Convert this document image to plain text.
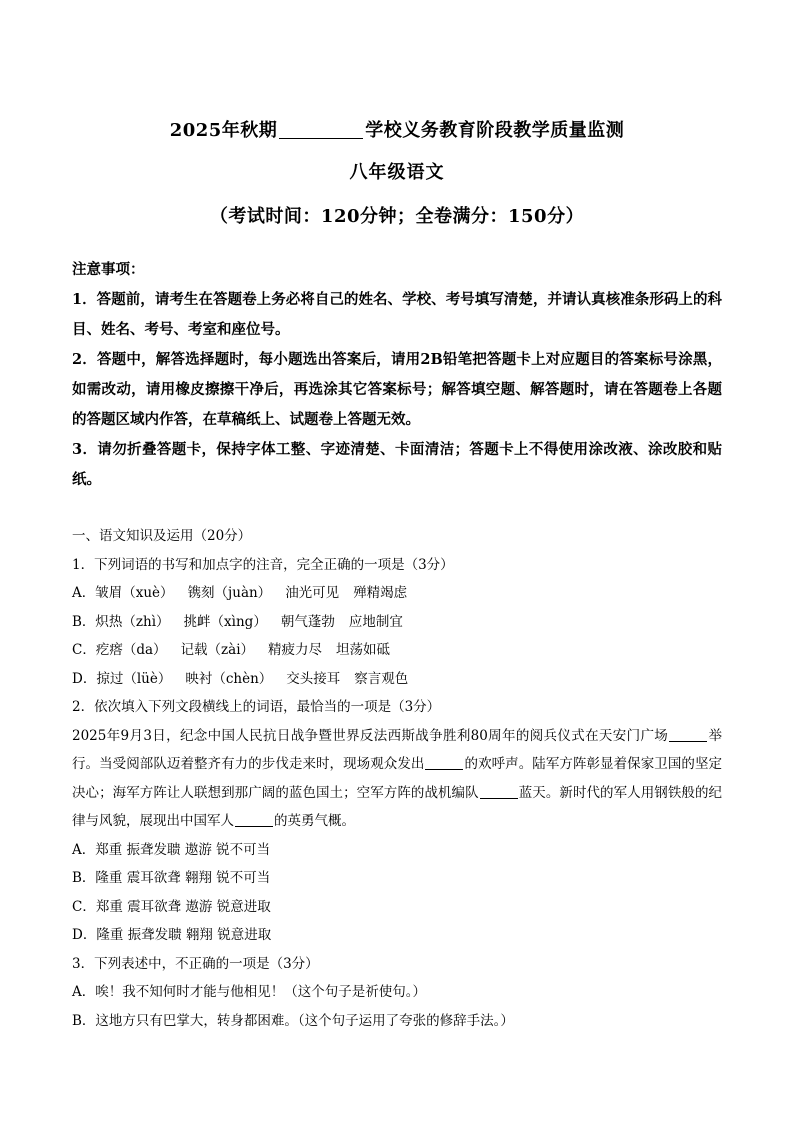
2025年秋期	学校义务教育阶段教学质量监测
八年级语文
（考试时间：120分钟；全卷满分：150分）

注意事项：

1．答题前，请考生在答题卷上务必将自己的姓名、学校、考号填写清楚，并请认真核准条形码上的科目、姓名、考号、考室和座位号。

2．答题中，解答选择题时，每小题选出答案后，请用2B铅笔把答题卡上对应题目的答案标号涂黑，如需改动，请用橡皮擦擦干净后，再选涂其它答案标号；解答填空题、解答题时，请在答题卷上各题的答题区域内作答，在草稿纸上、试题卷上答题无效。

3．请勿折叠答题卡，保持字体工整、字迹清楚、卡面清洁；答题卡上不得使用涂改液、涂改胶和贴纸。

一、语文知识及运用（20分）

1．下列词语的书写和加点字的注音，完全正确的一项是（3分）

A．皱眉（xuè） 镌刻（juàn） 油光可见 殚精竭虑

B．炽热（zhì） 挑衅（xìng） 朝气蓬勃 应地制宜

C．疙瘩（da） 记载（zài） 精疲力尽 坦荡如砥

D．掠过（lüè） 映衬（chèn） 交头接耳 察言观色

2．依次填入下列文段横线上的词语，最恰当的一项是（3分）

2025年9月3日，纪念中国人民抗日战争暨世界反法西斯战争胜利80周年的阅兵仪式在天安门广场	举行。当受阅部队迈着整齐有力的步伐走来时，现场观众发出	的欢呼声。陆军方阵彰显着保家卫国的坚定决心；海军方阵让人联想到那广阔的蓝色国土；空军方阵的战机编队	蓝天。新时代的军人用钢铁般的纪律与风貌，展现出中国军人	的英勇气概。

A．郑重 振聋发聩 遨游 锐不可当

B．隆重 震耳欲聋 翱翔 锐不可当

C．郑重 震耳欲聋 遨游 锐意进取

D．隆重 振聋发聩 翱翔 锐意进取

3．下列表述中，不正确的一项是（3分）

A．唉！我不知何时才能与他相见！（这个句子是祈使句。）

B．这地方只有巴掌大，转身都困难。（这个句子运用了夸张的修辞手法。）
